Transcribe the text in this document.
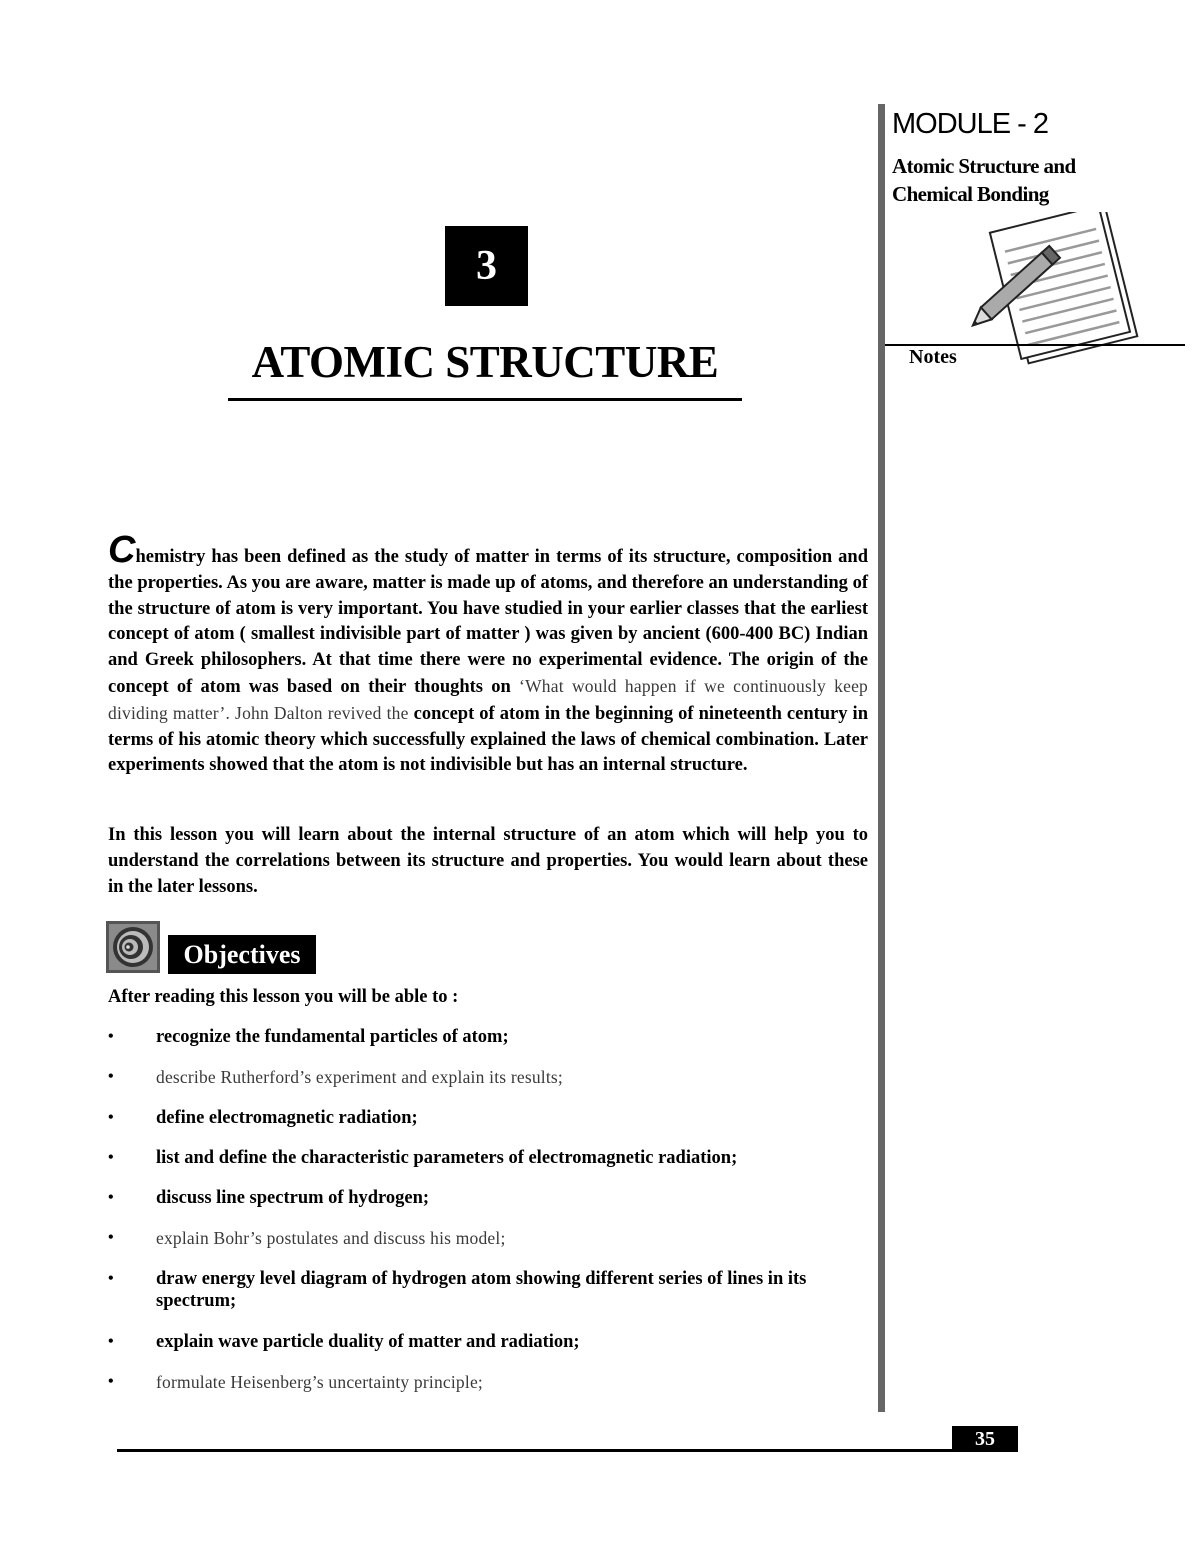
MODULE - 2
Atomic Structure and
Chemical Bonding
Notes
3
ATOMIC STRUCTURE
Chemistry has been defined as the study of matter in terms of its structure, composition and the properties. As you are aware, matter is made up of atoms, and therefore an understanding of the structure of atom is very important. You have studied in your earlier classes that the earliest concept of atom ( smallest indivisible part of matter ) was given by ancient (600-400 BC) Indian and Greek philosophers. At that time there were no experimental evidence. The origin of the concept of atom was based on their thoughts on ‘What would happen if we continuously keep dividing matter’. John Dalton revived the concept of atom in the beginning of nineteenth century in terms of his atomic theory which successfully explained the laws of chemical combination. Later experiments showed that the atom is not indivisible but has an internal structure.
In this lesson you will learn about the internal structure of an atom which will help you to understand the correlations between its structure and properties. You would learn about these in the later lessons.
Objectives
After reading this lesson you will be able to :
• recognize the fundamental particles of atom;
• describe Rutherford’s experiment and explain its results;
• define electromagnetic radiation;
• list and define the characteristic parameters of electromagnetic radiation;
• discuss line spectrum of hydrogen;
• explain Bohr’s postulates and discuss his model;
• draw energy level diagram of hydrogen atom showing different series of lines in its spectrum;
• explain wave particle duality of matter and radiation;
• formulate Heisenberg’s uncertainty principle;
35
